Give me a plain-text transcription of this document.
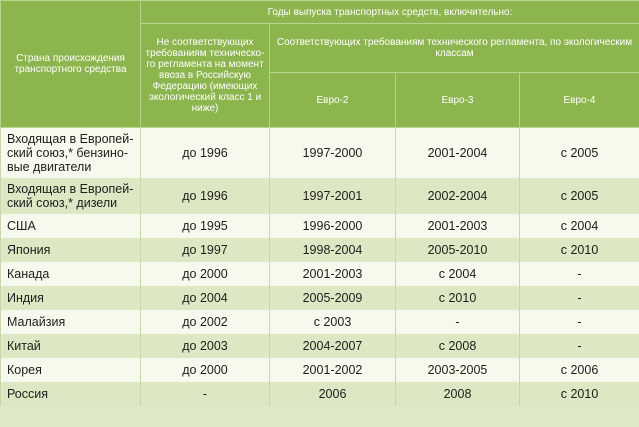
Страна происхождения транспортного средства	Годы выпуска транспортных средств, включительно:			
	Не соответствующих требованиям техническо-го регламента на момент ввоза в Российскую Федерацию (имеющих экологический класс 1 и ниже)	Соответствующих требованиям технического регламента, по экологическим классам		
		Евро-2	Евро-3	Евро-4
Входящая в Европей-ский союз,* бензино-вые двигатели	до 1996	1997-2000	2001-2004	с 2005
Входящая в Европей-ский союз,* дизели	до 1996	1997-2001	2002-2004	с 2005
США	до 1995	1996-2000	2001-2003	с 2004
Япония	до 1997	1998-2004	2005-2010	с 2010
Канада	до 2000	2001-2003	с 2004	-
Индия	до 2004	2005-2009	с 2010	-
Малайзия	до 2002	с 2003	-	-
Китай	до 2003	2004-2007	с 2008	-
Корея	до 2000	2001-2002	2003-2005	с 2006
Россия	-	2006	2008	с 2010
